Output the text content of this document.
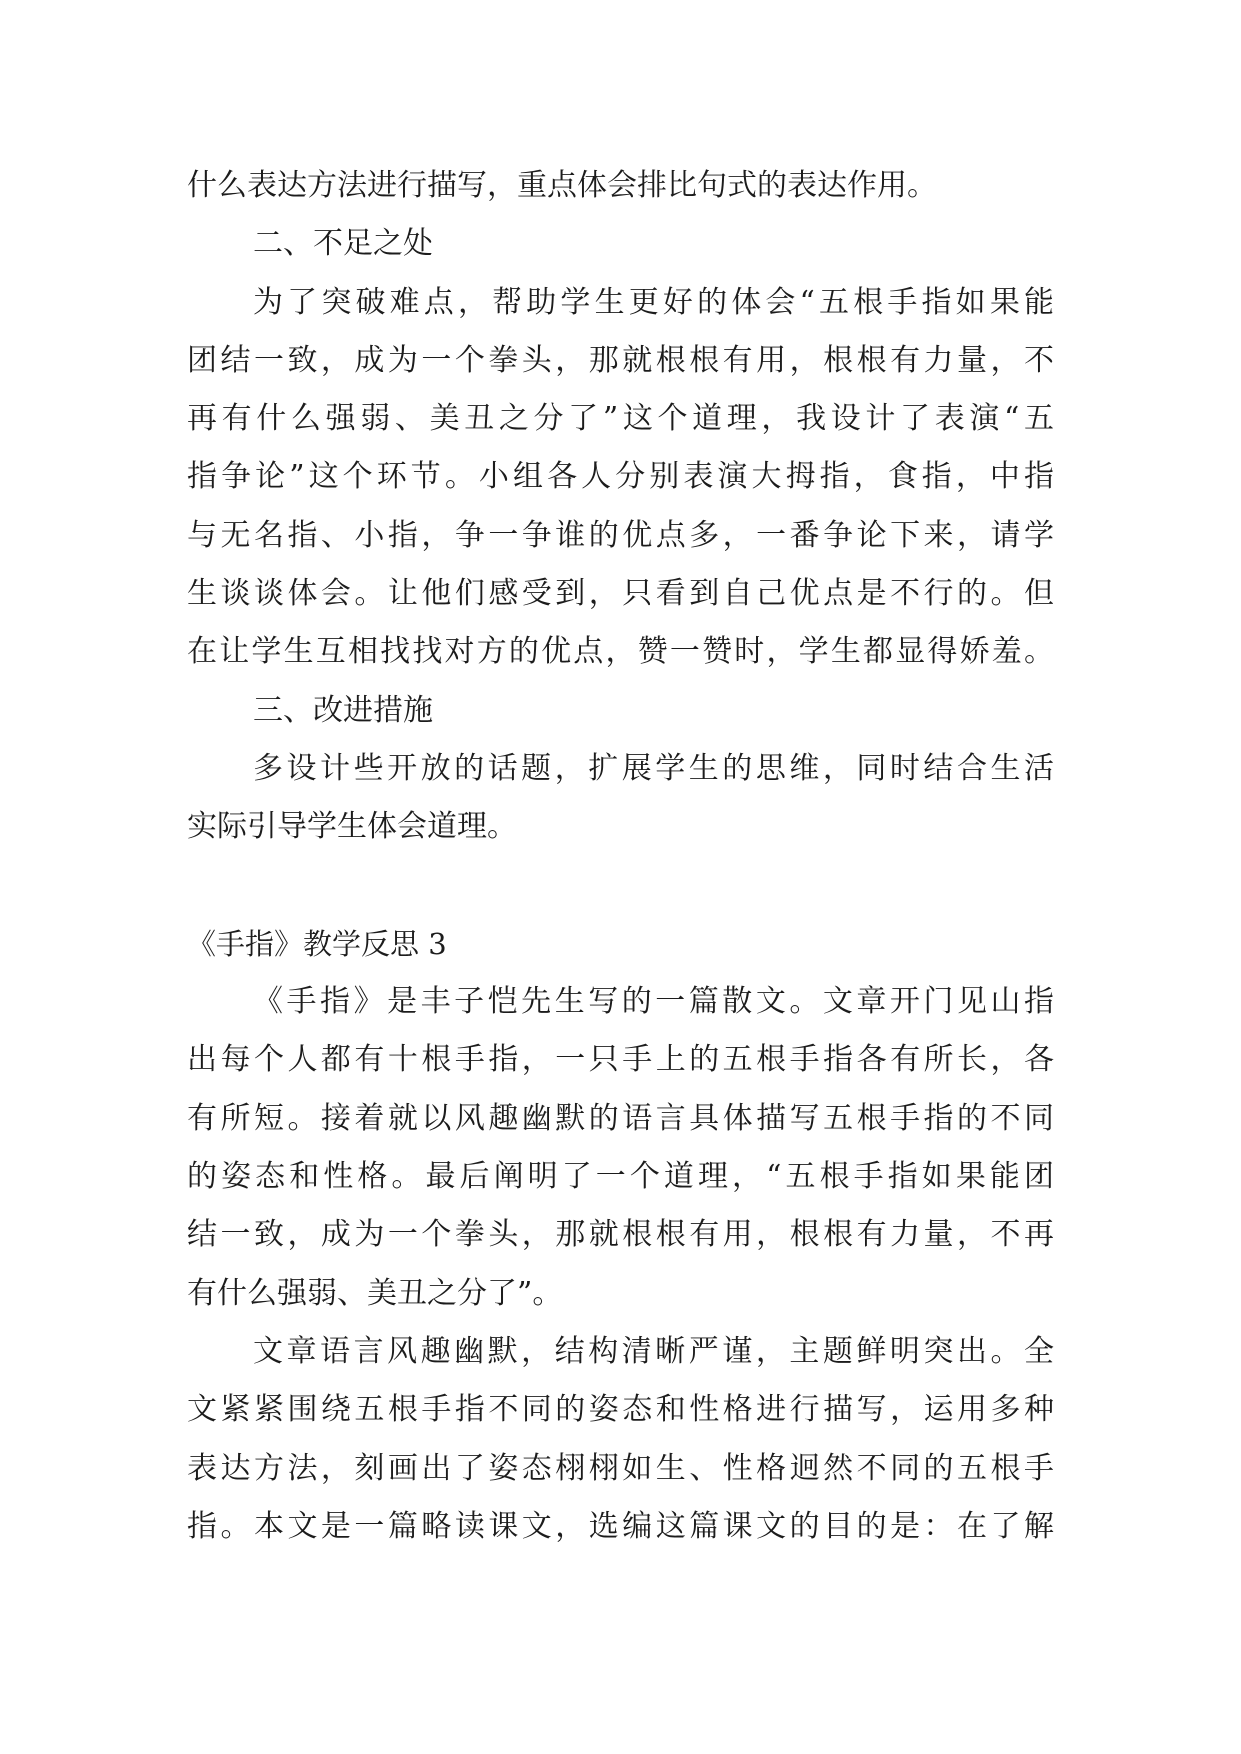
什么表达方法进行描写，重点体会排比句式的表达作用。
二、不足之处
为了突破难点，帮助学生更好的体会“五根手指如果能
团结一致，成为一个拳头，那就根根有用，根根有力量，不
再有什么强弱、美丑之分了”这个道理，我设计了表演“五
指争论”这个环节。小组各人分别表演大拇指，食指，中指
与无名指、小指，争一争谁的优点多，一番争论下来，请学
生谈谈体会。让他们感受到，只看到自己优点是不行的。但
在让学生互相找找对方的优点，赞一赞时，学生都显得娇羞。
三、改进措施
多设计些开放的话题，扩展学生的思维，同时结合生活
实际引导学生体会道理。
《手指》教学反思 3
《手指》是丰子恺先生写的一篇散文。文章开门见山指
出每个人都有十根手指，一只手上的五根手指各有所长，各
有所短。接着就以风趣幽默的语言具体描写五根手指的不同
的姿态和性格。最后阐明了一个道理，“五根手指如果能团
结一致，成为一个拳头，那就根根有用，根根有力量，不再
有什么强弱、美丑之分了”。
文章语言风趣幽默，结构清晰严谨，主题鲜明突出。全
文紧紧围绕五根手指不同的姿态和性格进行描写，运用多种
表达方法，刻画出了姿态栩栩如生、性格迥然不同的五根手
指。本文是一篇略读课文，选编这篇课文的目的是：在了解
